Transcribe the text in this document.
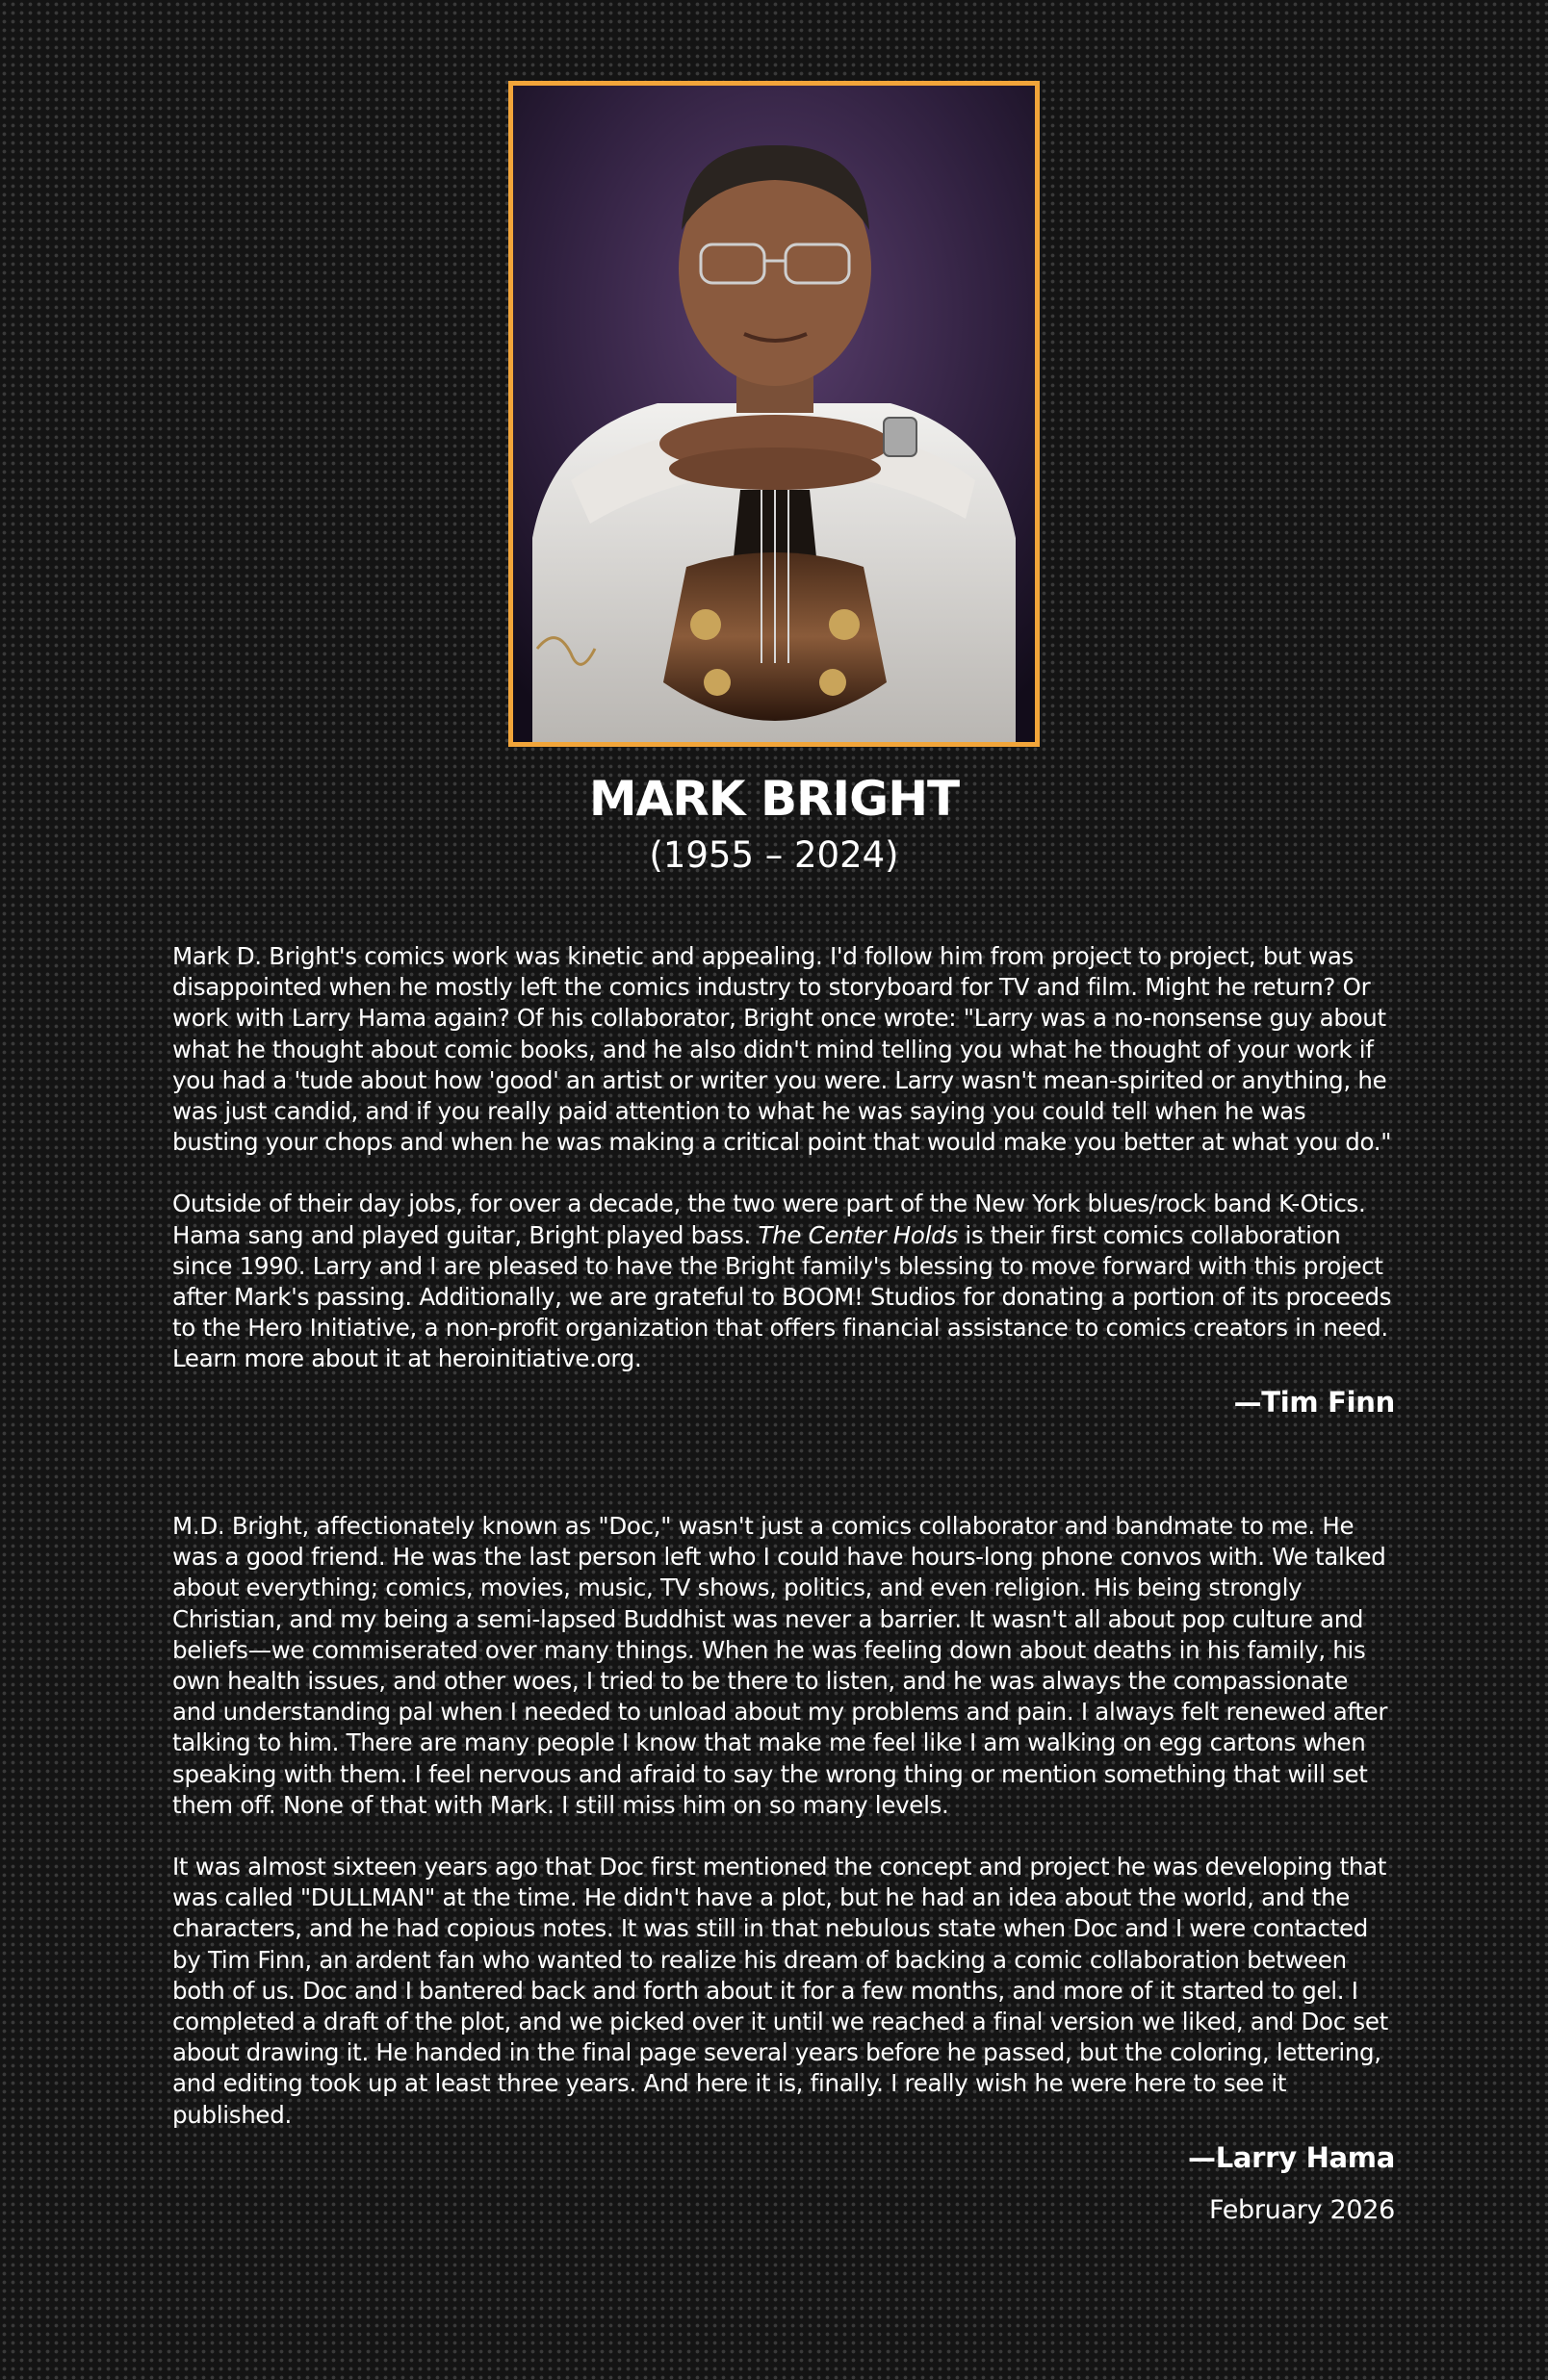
MARK BRIGHT
(1955 – 2024)

Mark D. Bright's comics work was kinetic and appealing. I'd follow him from project to project, but was disappointed when he mostly left the comics industry to storyboard for TV and film. Might he return? Or work with Larry Hama again? Of his collaborator, Bright once wrote: "Larry was a no-nonsense guy about what he thought about comic books, and he also didn't mind telling you what he thought of your work if you had a 'tude about how 'good' an artist or writer you were. Larry wasn't mean-spirited or anything, he was just candid, and if you really paid attention to what he was saying you could tell when he was busting your chops and when he was making a critical point that would make you better at what you do."

Outside of their day jobs, for over a decade, the two were part of the New York blues/rock band K-Otics. Hama sang and played guitar, Bright played bass. The Center Holds is their first comics collaboration since 1990. Larry and I are pleased to have the Bright family's blessing to move forward with this project after Mark's passing. Additionally, we are grateful to BOOM! Studios for donating a portion of its proceeds to the Hero Initiative, a non-profit organization that offers financial assistance to comics creators in need. Learn more about it at heroinitiative.org.

—Tim Finn

M.D. Bright, affectionately known as "Doc," wasn't just a comics collaborator and bandmate to me. He was a good friend. He was the last person left who I could have hours-long phone convos with. We talked about everything; comics, movies, music, TV shows, politics, and even religion. His being strongly Christian, and my being a semi-lapsed Buddhist was never a barrier. It wasn't all about pop culture and beliefs—we commiserated over many things. When he was feeling down about deaths in his family, his own health issues, and other woes, I tried to be there to listen, and he was always the compassionate and understanding pal when I needed to unload about my problems and pain. I always felt renewed after talking to him. There are many people I know that make me feel like I am walking on egg cartons when speaking with them. I feel nervous and afraid to say the wrong thing or mention something that will set them off. None of that with Mark. I still miss him on so many levels.

It was almost sixteen years ago that Doc first mentioned the concept and project he was developing that was called "DULLMAN" at the time. He didn't have a plot, but he had an idea about the world, and the characters, and he had copious notes. It was still in that nebulous state when Doc and I were contacted by Tim Finn, an ardent fan who wanted to realize his dream of backing a comic collaboration between both of us. Doc and I bantered back and forth about it for a few months, and more of it started to gel. I completed a draft of the plot, and we picked over it until we reached a final version we liked, and Doc set about drawing it. He handed in the final page several years before he passed, but the coloring, lettering, and editing took up at least three years. And here it is, finally. I really wish he were here to see it published.

—Larry Hama

February 2026
